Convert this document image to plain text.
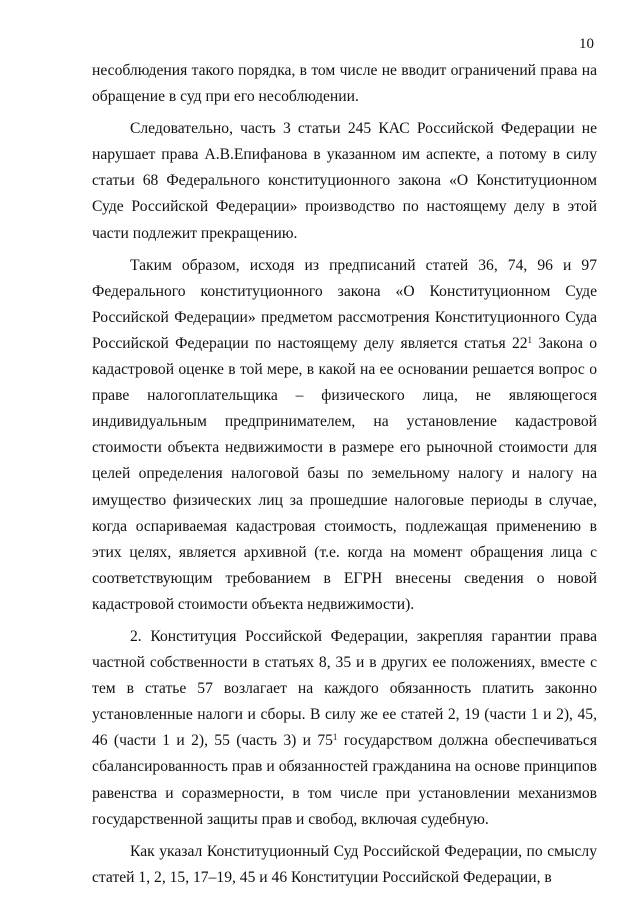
10

несоблюдения такого порядка, в том числе не вводит ограничений права на обращение в суд при его несоблюдении.

Следовательно, часть 3 статьи 245 КАС Российской Федерации не нарушает права А.В.Епифанова в указанном им аспекте, а потому в силу статьи 68 Федерального конституционного закона «О Конституционном Суде Российской Федерации» производство по настоящему делу в этой части подлежит прекращению.

Таким образом, исходя из предписаний статей 36, 74, 96 и 97 Федерального конституционного закона «О Конституционном Суде Российской Федерации» предметом рассмотрения Конституционного Суда Российской Федерации по настоящему делу является статья $22^1$ Закона о кадастровой оценке в той мере, в какой на ее основании решается вопрос о праве налогоплательщика – физического лица, не являющегося индивидуальным предпринимателем, на установление кадастровой стоимости объекта недвижимости в размере его рыночной стоимости для целей определения налоговой базы по земельному налогу и налогу на имущество физических лиц за прошедшие налоговые периоды в случае, когда оспариваемая кадастровая стоимость, подлежащая применению в этих целях, является архивной (т.е. когда на момент обращения лица с соответствующим требованием в ЕГРН внесены сведения о новой кадастровой стоимости объекта недвижимости).

2. Конституция Российской Федерации, закрепляя гарантии права частной собственности в статьях 8, 35 и в других ее положениях, вместе с тем в статье 57 возлагает на каждого обязанность платить законно установленные налоги и сборы. В силу же ее статей 2, 19 (части 1 и 2), 45, 46 (части 1 и 2), 55 (часть 3) и $75^1$ государством должна обеспечиваться сбалансированность прав и обязанностей гражданина на основе принципов равенства и соразмерности, в том числе при установлении механизмов государственной защиты прав и свобод, включая судебную.

Как указал Конституционный Суд Российской Федерации, по смыслу статей 1, 2, 15, 17–19, 45 и 46 Конституции Российской Федерации, в
